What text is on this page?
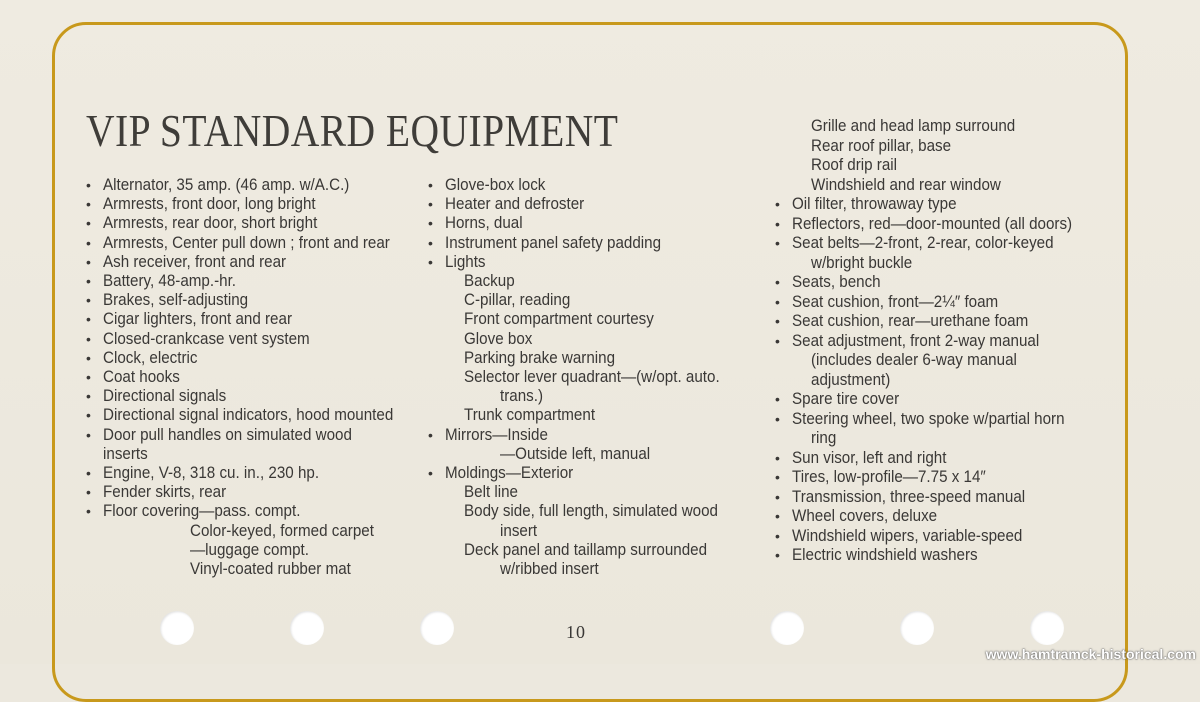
VIP STANDARD EQUIPMENT
• Alternator, 35 amp. (46 amp. w/A.C.)
• Armrests, front door, long bright
• Armrests, rear door, short bright
• Armrests, Center pull down ; front and rear
• Ash receiver, front and rear
• Battery, 48-amp.-hr.
• Brakes, self-adjusting
• Cigar lighters, front and rear
• Closed-crankcase vent system
• Clock, electric
• Coat hooks
• Directional signals
• Directional signal indicators, hood mounted
• Door pull handles on simulated wood
inserts
• Engine, V-8, 318 cu. in., 230 hp.
• Fender skirts, rear
• Floor covering—pass. compt.
Color-keyed, formed carpet
—luggage compt.
Vinyl-coated rubber mat
• Glove-box lock
• Heater and defroster
• Horns, dual
• Instrument panel safety padding
• Lights
Backup
C-pillar, reading
Front compartment courtesy
Glove box
Parking brake warning
Selector lever quadrant—(w/opt. auto.
trans.)
Trunk compartment
• Mirrors—Inside
—Outside left, manual
• Moldings—Exterior
Belt line
Body side, full length, simulated wood
insert
Deck panel and taillamp surrounded
w/ribbed insert
Grille and head lamp surround
Rear roof pillar, base
Roof drip rail
Windshield and rear window
• Oil filter, throwaway type
• Reflectors, red—door-mounted (all doors)
• Seat belts—2-front, 2-rear, color-keyed
w/bright buckle
• Seats, bench
• Seat cushion, front—2¼″ foam
• Seat cushion, rear—urethane foam
• Seat adjustment, front 2-way manual
(includes dealer 6-way manual
adjustment)
• Spare tire cover
• Steering wheel, two spoke w/partial horn
ring
• Sun visor, left and right
• Tires, low-profile—7.75 x 14″
• Transmission, three-speed manual
• Wheel covers, deluxe
• Windshield wipers, variable-speed
• Electric windshield washers

10

www.hamtramck-historical.com
